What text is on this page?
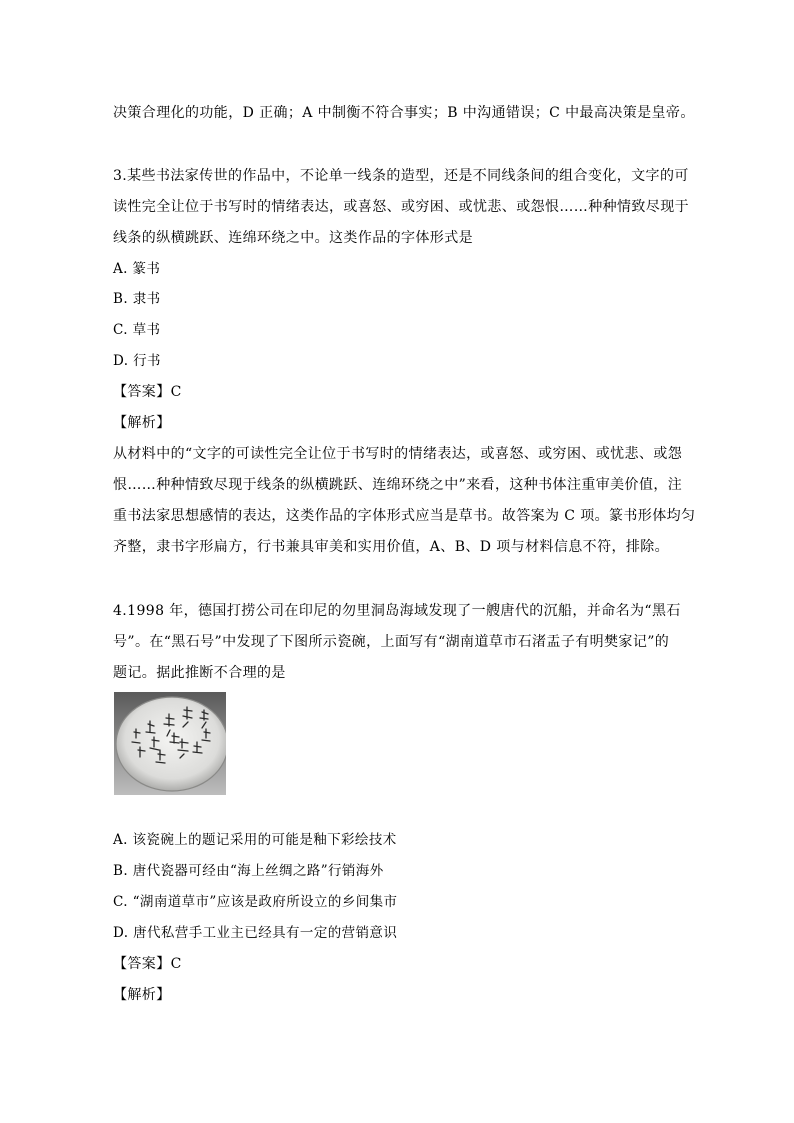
决策合理化的功能，D 正确；A 中制衡不符合事实；B 中沟通错误；C 中最高决策是皇帝。
3.某些书法家传世的作品中，不论单一线条的造型，还是不同线条间的组合变化，文字的可
读性完全让位于书写时的情绪表达，或喜怒、或穷困、或忧悲、或怨恨……种种情致尽现于
线条的纵横跳跃、连绵环绕之中。这类作品的字体形式是
A. 篆书
B. 隶书
C. 草书
D. 行书
【答案】C
【解析】
从材料中的“文字的可读性完全让位于书写时的情绪表达，或喜怒、或穷困、或忧悲、或怨
恨……种种情致尽现于线条的纵横跳跃、连绵环绕之中”来看，这种书体注重审美价值，注
重书法家思想感情的表达，这类作品的字体形式应当是草书。故答案为 C 项。篆书形体均匀
齐整，隶书字形扁方，行书兼具审美和实用价值，A、B、D 项与材料信息不符，排除。
4.1998 年，德国打捞公司在印尼的勿里洞岛海域发现了一艘唐代的沉船，并命名为“黑石
号”。在“黑石号”中发现了下图所示瓷碗，上面写有“湖南道草市石渚盂子有明樊家记”的
题记。据此推断不合理的是
A. 该瓷碗上的题记采用的可能是釉下彩绘技术
B. 唐代瓷器可经由“海上丝绸之路”行销海外
C. “湖南道草市”应该是政府所设立的乡间集市
D. 唐代私营手工业主已经具有一定的营销意识
【答案】C
【解析】
